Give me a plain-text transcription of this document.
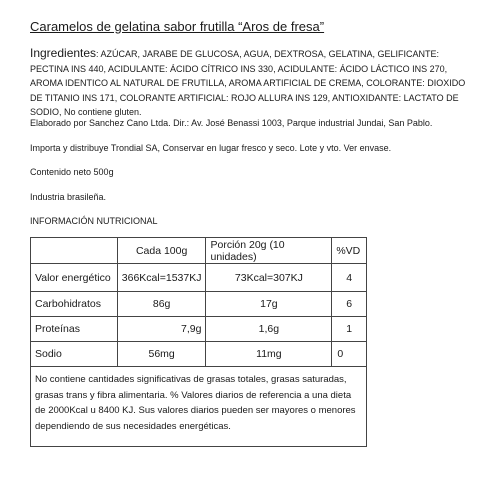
Caramelos de gelatina sabor frutilla “Aros de fresa”
Ingredientes: AZÚCAR, JARABE DE GLUCOSA, AGUA, DEXTROSA, GELATINA, GELIFICANTE: PECTINA INS 440, ACIDULANTE: ÁCIDO CÍTRICO INS 330, ACIDULANTE: ÁCIDO LÁCTICO INS 270, AROMA IDENTICO AL NATURAL DE FRUTILLA, AROMA ARTIFICIAL DE CREMA, COLORANTE: DIOXIDO DE TITANIO INS 171, COLORANTE ARTIFICIAL: ROJO ALLURA INS 129, ANTIOXIDANTE: LACTATO DE SODIO, No contiene gluten.
Elaborado por Sanchez Cano Ltda. Dir.: Av. José Benassi 1003, Parque industrial Jundai, San Pablo.
Importa y distribuye Trondial SA, Conservar en lugar fresco y seco. Lote y vto. Ver envase.
Contenido neto 500g
Industria brasileña.
INFORMACIÓN NUTRICIONAL
	Cada 100g	Porción 20g (10 unidades)	%VD
Valor energético	366Kcal=1537KJ	73Kcal=307KJ	4
Carbohidratos	86g	17g	6
Proteínas	7,9g	1,6g	1
Sodio	56mg	11mg	0
No contiene cantidades significativas de grasas totales, grasas saturadas, grasas trans y fibra alimentaria. % Valores diarios de referencia a una dieta de 2000Kcal u 8400 KJ. Sus valores diarios pueden ser mayores o menores dependiendo de sus necesidades energéticas.			
